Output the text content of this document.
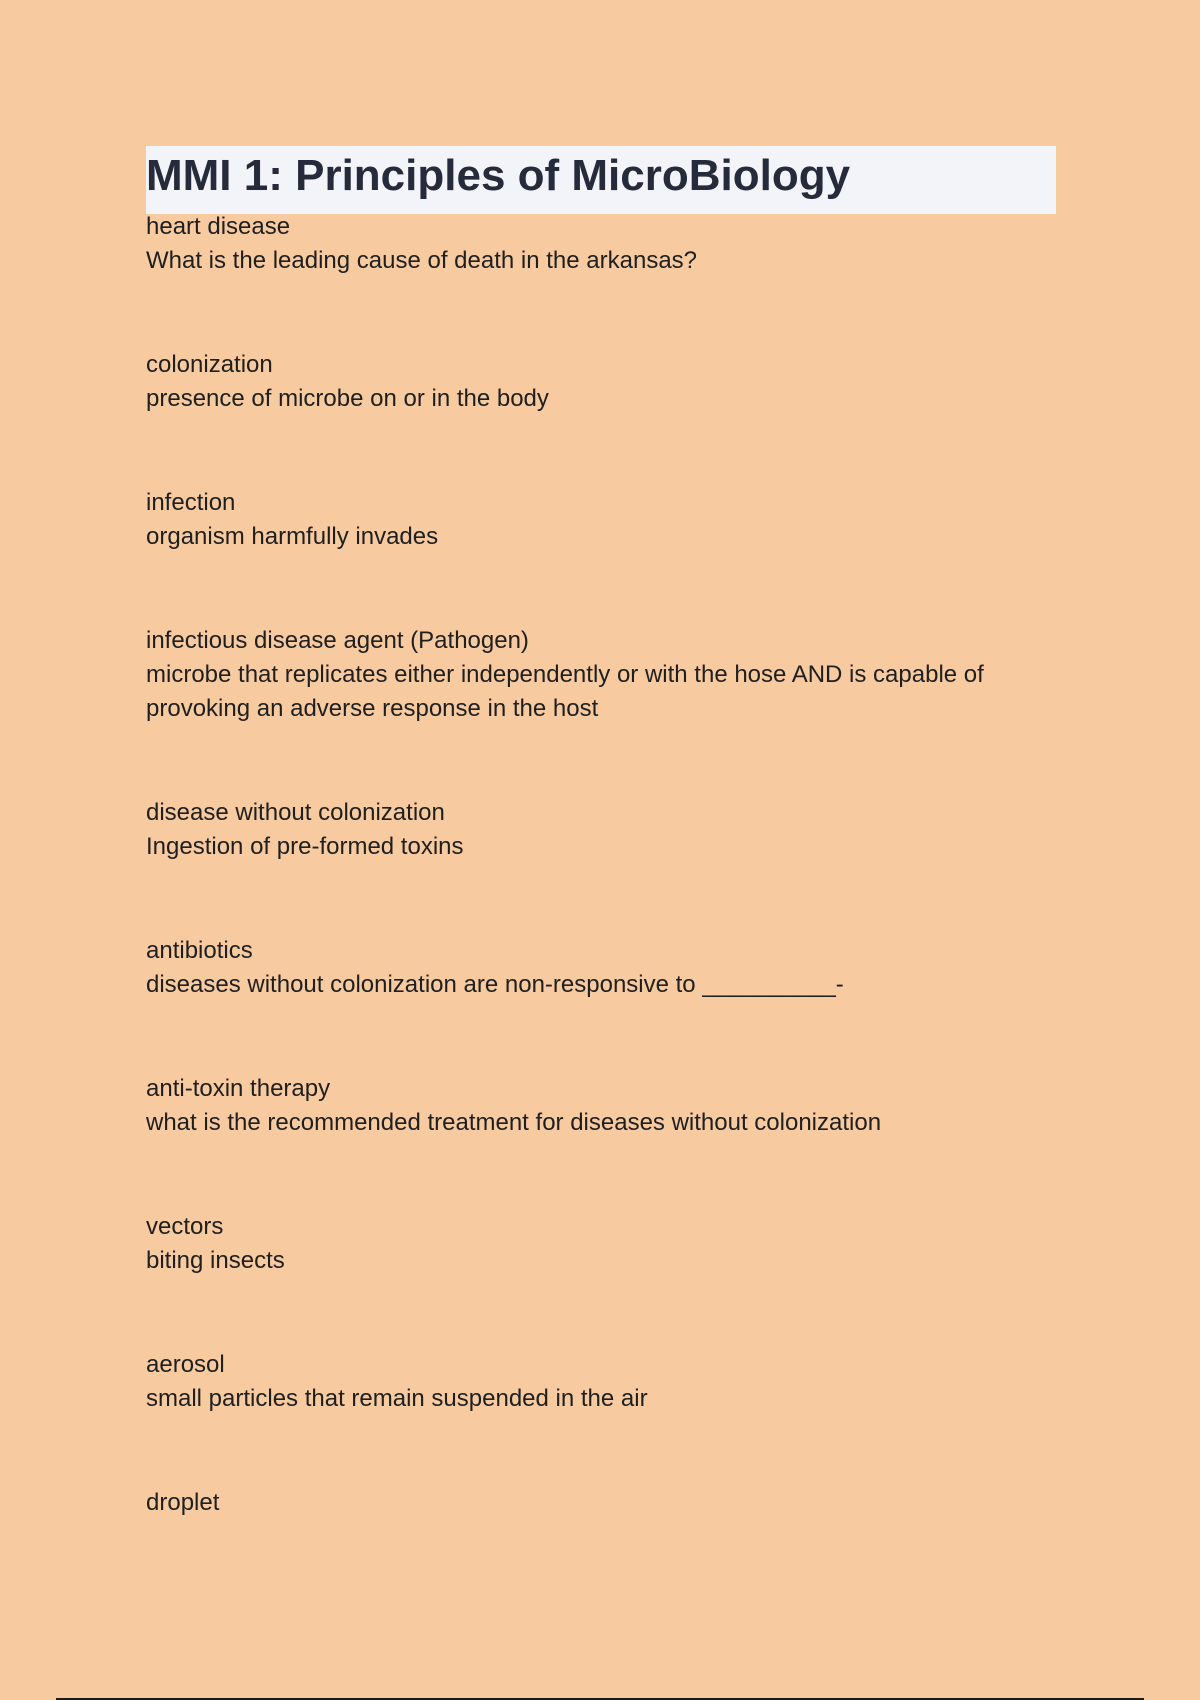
MMI 1: Principles of MicroBiology

heart disease

What is the leading cause of death in the arkansas?

colonization

presence of microbe on or in the body

infection

organism harmfully invades

infectious disease agent (Pathogen)

microbe that replicates either independently or with the hose AND is capable of provoking an adverse response in the host

disease without colonization

Ingestion of pre-formed toxins

antibiotics

diseases without colonization are non-responsive to __________-

anti-toxin therapy

what is the recommended treatment for diseases without colonization

vectors

biting insects

aerosol

small particles that remain suspended in the air

droplet
